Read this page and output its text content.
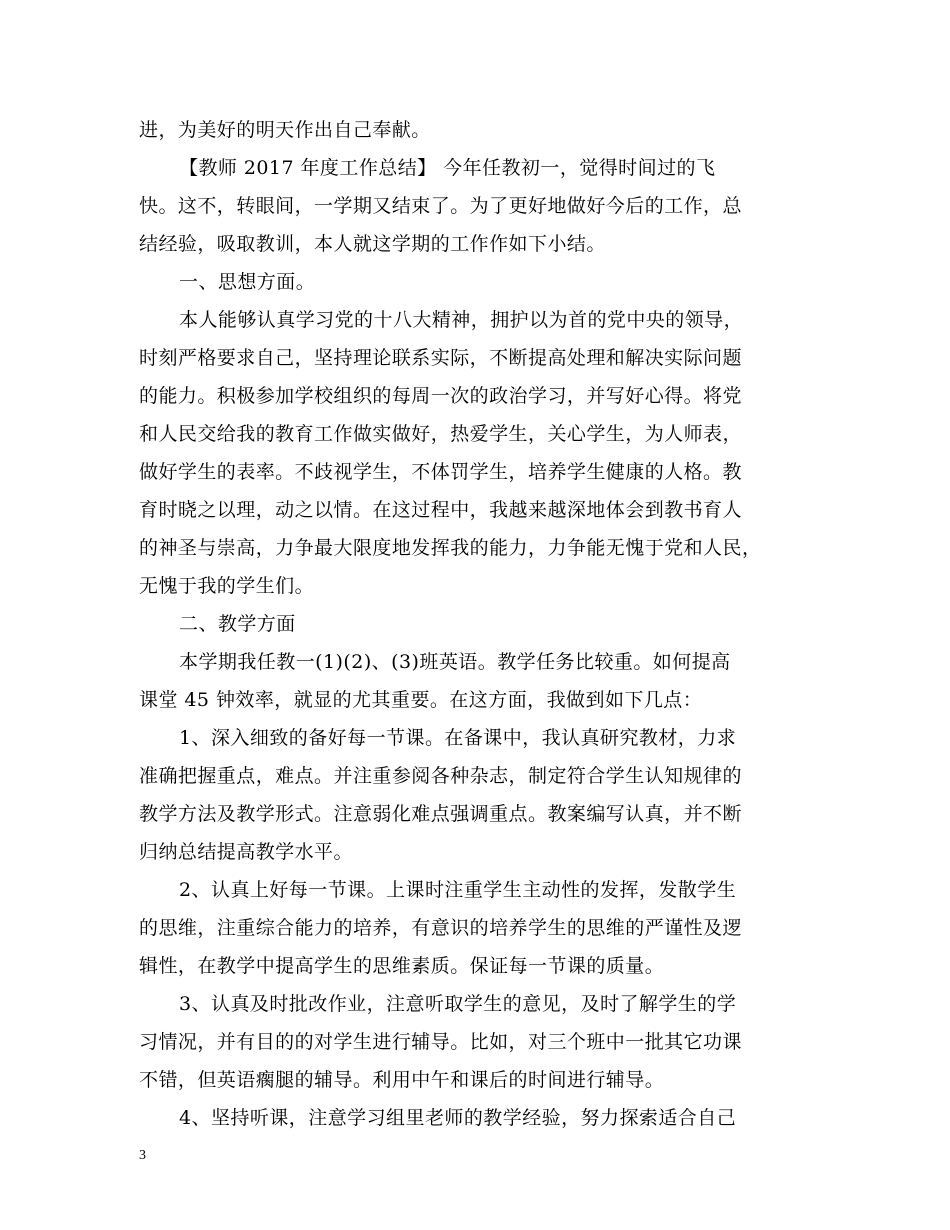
进，为美好的明天作出自己奉献。
【教师 2017 年度工作总结】 今年任教初一，觉得时间过的飞
快。这不，转眼间，一学期又结束了。为了更好地做好今后的工作，总
结经验，吸取教训，本人就这学期的工作作如下小结。
一、思想方面。
本人能够认真学习党的十八大精神，拥护以为首的党中央的领导，
时刻严格要求自己，坚持理论联系实际，不断提高处理和解决实际问题
的能力。积极参加学校组织的每周一次的政治学习，并写好心得。将党
和人民交给我的教育工作做实做好，热爱学生，关心学生，为人师表，
做好学生的表率。不歧视学生，不体罚学生，培养学生健康的人格。教
育时晓之以理，动之以情。在这过程中，我越来越深地体会到教书育人
的神圣与崇高，力争最大限度地发挥我的能力，力争能无愧于党和人民，
无愧于我的学生们。
二、教学方面
本学期我任教一(1)(2)、(3)班英语。教学任务比较重。如何提高
课堂 45 钟效率，就显的尤其重要。在这方面，我做到如下几点：
1、深入细致的备好每一节课。在备课中，我认真研究教材，力求
准确把握重点，难点。并注重参阅各种杂志，制定符合学生认知规律的
教学方法及教学形式。注意弱化难点强调重点。教案编写认真，并不断
归纳总结提高教学水平。
2、认真上好每一节课。上课时注重学生主动性的发挥，发散学生
的思维，注重综合能力的培养，有意识的培养学生的思维的严谨性及逻
辑性，在教学中提高学生的思维素质。保证每一节课的质量。
3、认真及时批改作业，注意听取学生的意见，及时了解学生的学
习情况，并有目的的对学生进行辅导。比如，对三个班中一批其它功课
不错，但英语瘸腿的辅导。利用中午和课后的时间进行辅导。
4、坚持听课，注意学习组里老师的教学经验，努力探索适合自己
3
